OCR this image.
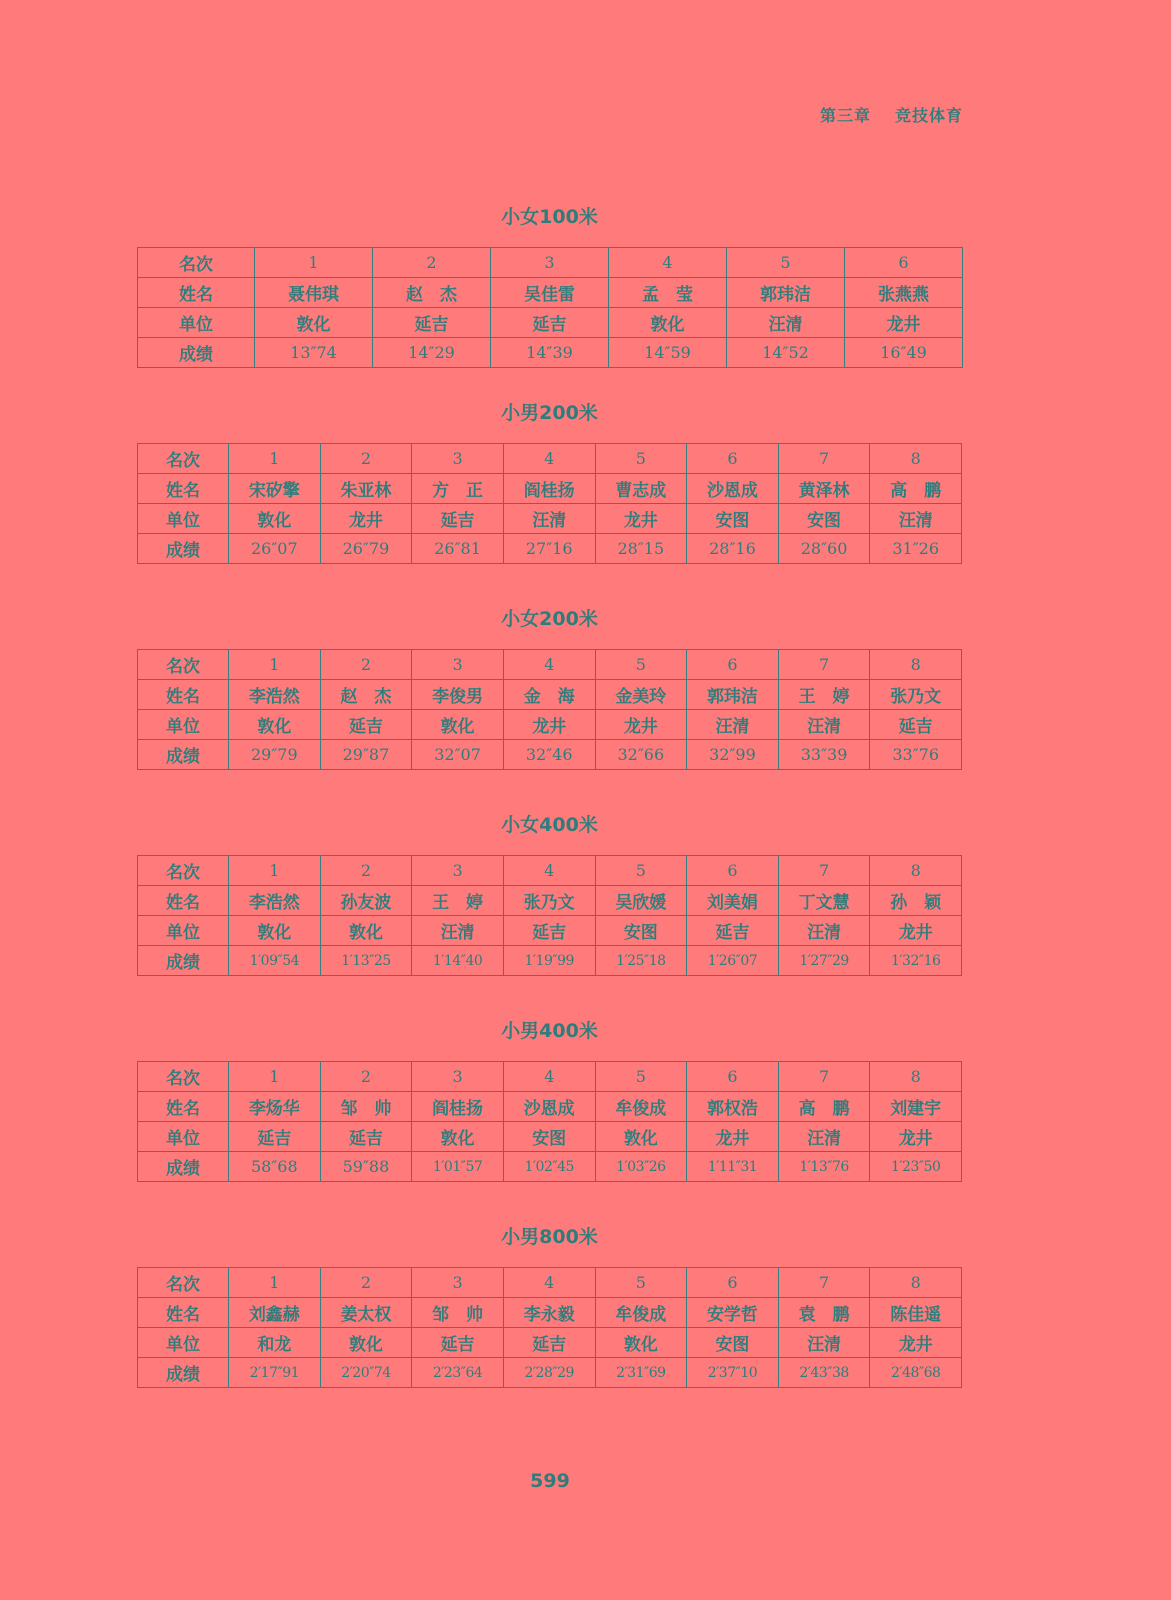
第三章 竞技体育
小女100米
名次	1	2	3	4	5	6
姓名	聂伟琪	赵　杰	吴佳雷	孟　莹	郭玮洁	张燕燕
单位	敦化	延吉	延吉	敦化	汪清	龙井
成绩	13″74	14″29	14″39	14″59	14″52	16″49
小男200米
名次	1	2	3	4	5	6	7	8
姓名	宋矽擎	朱亚林	方　正	阎桂扬	曹志成	沙恩成	黄泽林	高　鹏
单位	敦化	龙井	延吉	汪清	龙井	安图	安图	汪清
成绩	26″07	26″79	26″81	27″16	28″15	28″16	28″60	31″26
小女200米
名次	1	2	3	4	5	6	7	8
姓名	李浩然	赵　杰	李俊男	金　海	金美玲	郭玮洁	王　婷	张乃文
单位	敦化	延吉	敦化	龙井	龙井	汪清	汪清	延吉
成绩	29″79	29″87	32″07	32″46	32″66	32″99	33″39	33″76
小女400米
名次	1	2	3	4	5	6	7	8
姓名	李浩然	孙友波	王　婷	张乃文	吴欣媛	刘美娟	丁文慧	孙　颖
单位	敦化	敦化	汪清	延吉	安图	延吉	汪清	龙井
成绩	1′09″54	1′13″25	1′14″40	1′19″99	1′25″18	1′26″07	1′27″29	1′32″16
小男400米
名次	1	2	3	4	5	6	7	8
姓名	李炀华	邹　帅	阎桂扬	沙恩成	牟俊成	郭权浩	高　鹏	刘建宇
单位	延吉	延吉	敦化	安图	敦化	龙井	汪清	龙井
成绩	58″68	59″88	1′01″57	1′02″45	1′03″26	1′11″31	1′13″76	1′23″50
小男800米
名次	1	2	3	4	5	6	7	8
姓名	刘鑫赫	姜太权	邹　帅	李永毅	牟俊成	安学哲	袁　鹏	陈佳遥
单位	和龙	敦化	延吉	延吉	敦化	安图	汪清	龙井
成绩	2′17″91	2′20″74	2′23″64	2′28″29	2′31″69	2′37″10	2′43″38	2′48″68
599
